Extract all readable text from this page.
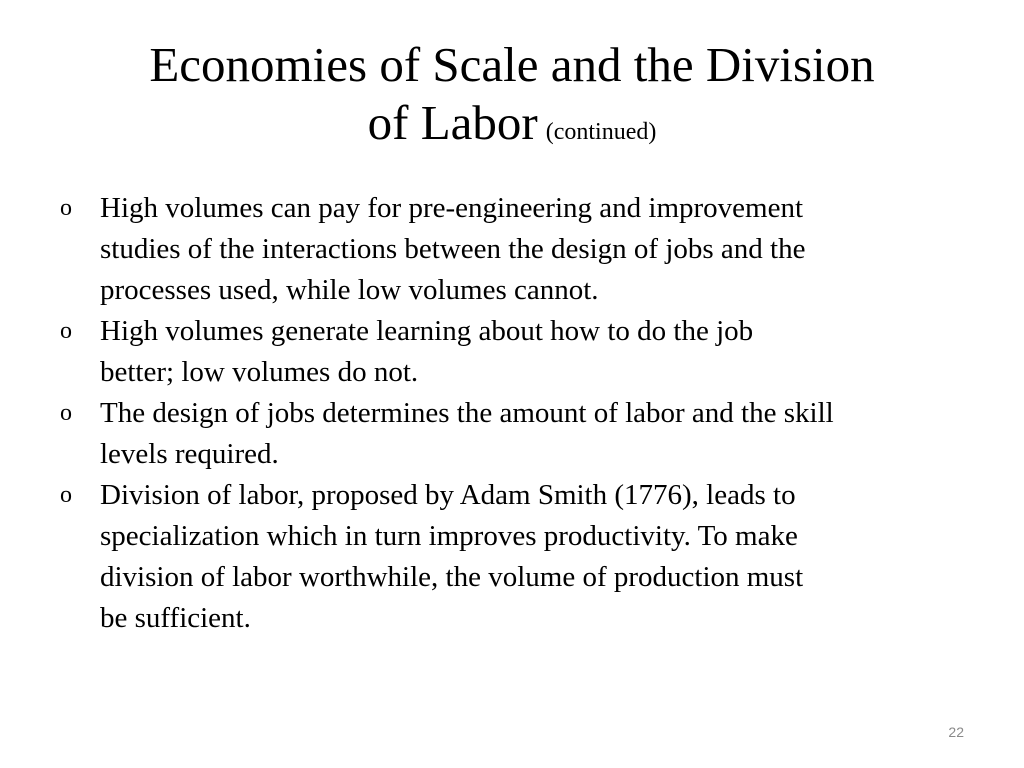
Economies of Scale and the Division
of Labor (continued)
o High volumes can pay for pre-engineering and improvement
studies of the interactions between the design of jobs and the
processes used, while low volumes cannot.
o High volumes generate learning about how to do the job
better; low volumes do not.
o The design of jobs determines the amount of labor and the skill
levels required.
o Division of labor, proposed by Adam Smith (1776), leads to
specialization which in turn improves productivity. To make
division of labor worthwhile, the volume of production must
be sufficient.
22
